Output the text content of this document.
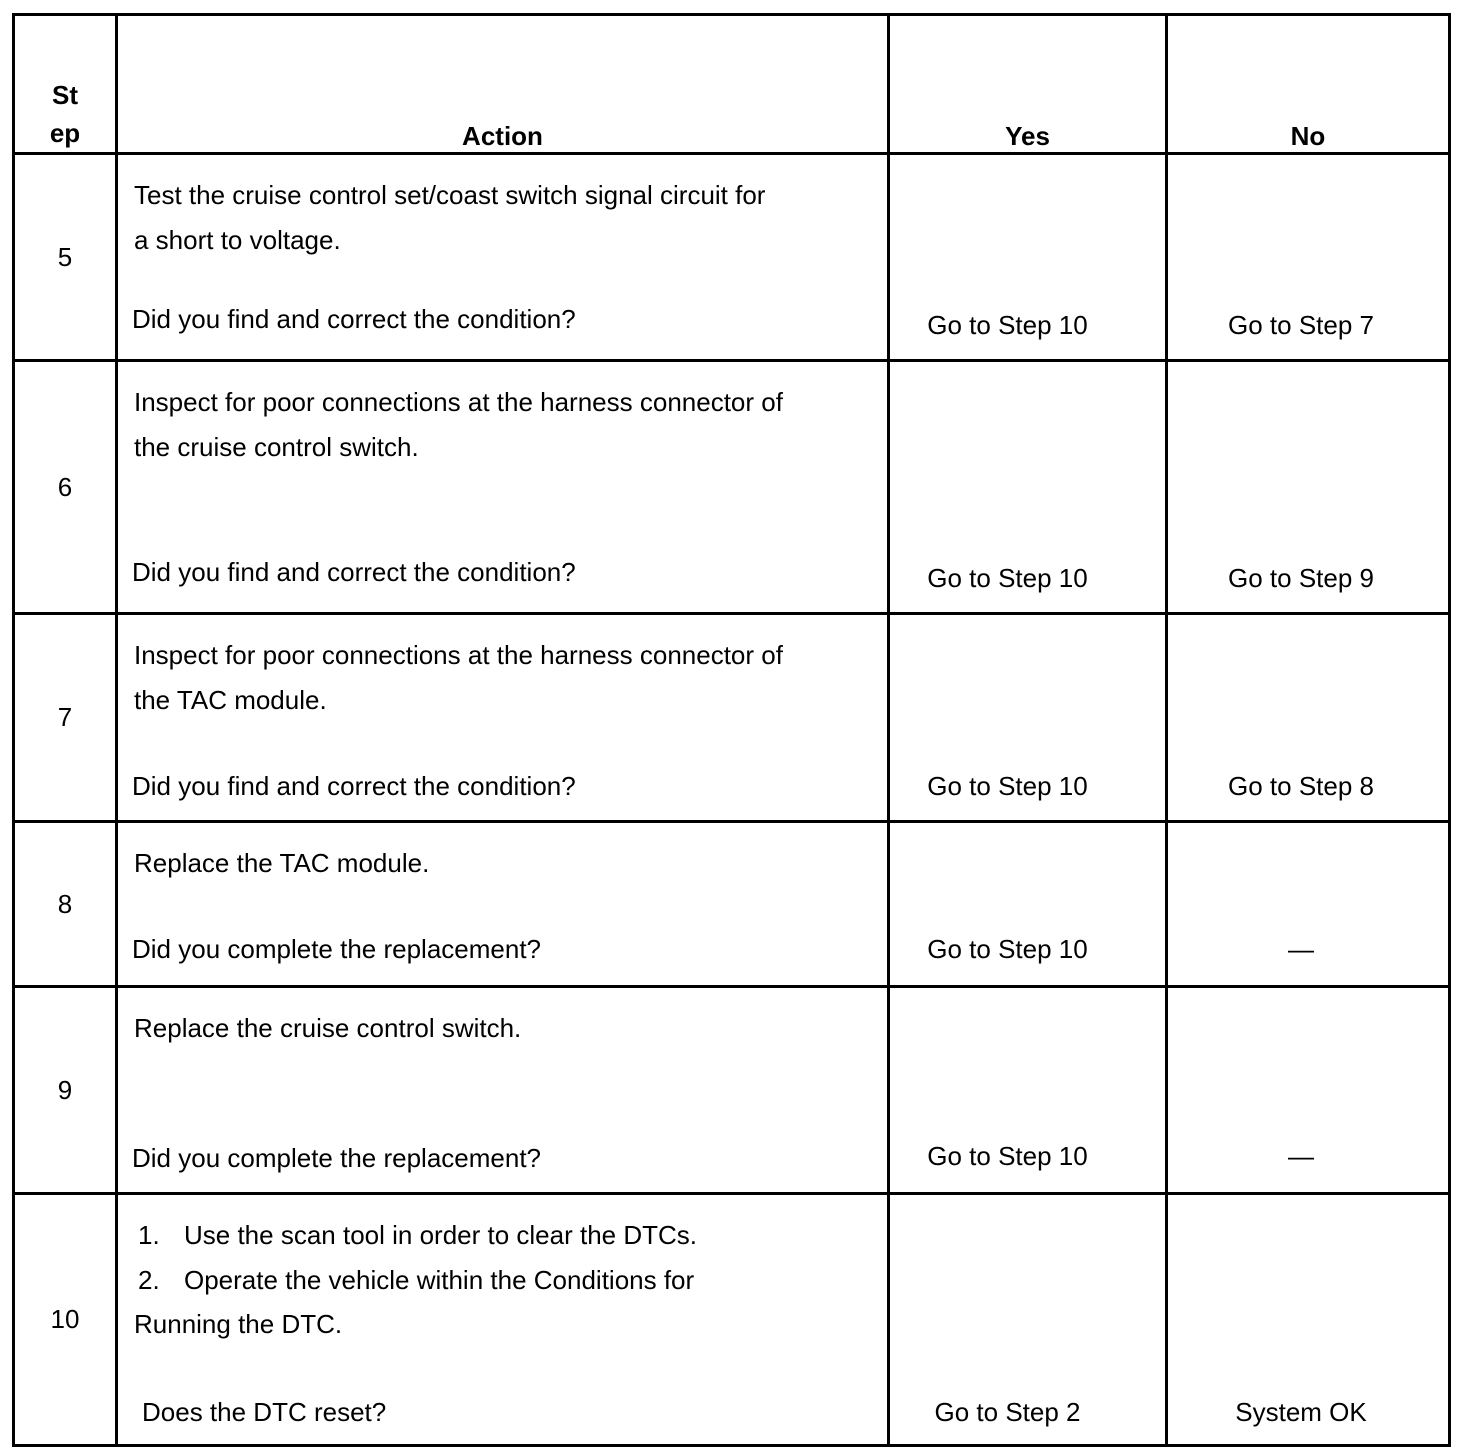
St
ep	Action	Yes	No
5	Test the cruise control set/coast switch signal circuit for
a short to voltage.
Did you find and correct the condition?	Go to Step 10	Go to Step 7

6	Inspect for poor connections at the harness connector of
the cruise control switch.
Did you find and correct the condition?	Go to Step 10	Go to Step 9

7	Inspect for poor connections at the harness connector of
the TAC module.
Did you find and correct the condition?	Go to Step 10	Go to Step 8

8	Replace the TAC module.
Did you complete the replacement?	Go to Step 10	—

9	Replace the cruise control switch.
Did you complete the replacement?	Go to Step 10	—

10	1. Use the scan tool in order to clear the DTCs.
2. Operate the vehicle within the Conditions for
Running the DTC.
Does the DTC reset?	Go to Step 2	System OK
